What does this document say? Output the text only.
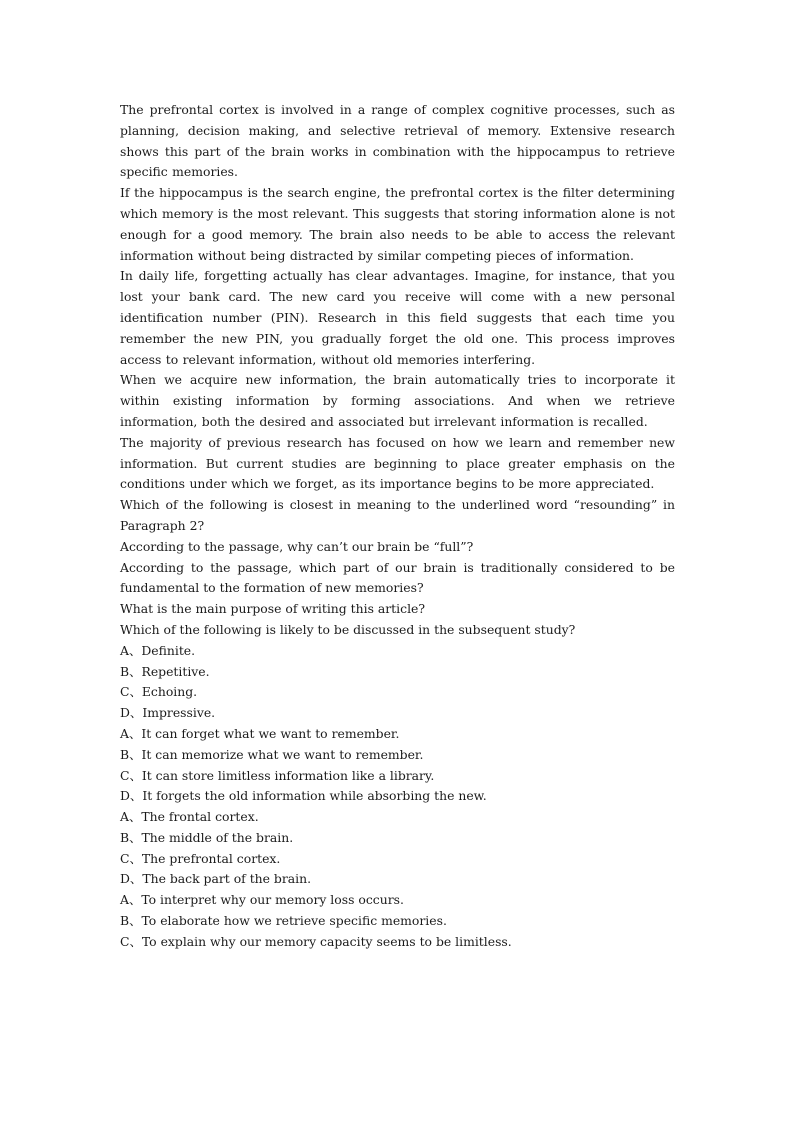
The prefrontal cortex is involved in a range of complex cognitive processes, such as planning, decision making, and selective retrieval of memory. Extensive research shows this part of the brain works in combination with the hippocampus to retrieve specific memories.

If the hippocampus is the search engine, the prefrontal cortex is the filter determining which memory is the most relevant. This suggests that storing information alone is not enough for a good memory. The brain also needs to be able to access the relevant information without being distracted by similar competing pieces of information.

In daily life, forgetting actually has clear advantages. Imagine, for instance, that you lost your bank card. The new card you receive will come with a new personal identification number (PIN). Research in this field suggests that each time you remember the new PIN, you gradually forget the old one. This process improves access to relevant information, without old memories interfering.

When we acquire new information, the brain automatically tries to incorporate it within existing information by forming associations. And when we retrieve information, both the desired and associated but irrelevant information is recalled.

The majority of previous research has focused on how we learn and remember new information. But current studies are beginning to place greater emphasis on the conditions under which we forget, as its importance begins to be more appreciated.

Which of the following is closest in meaning to the underlined word “resounding” in Paragraph 2?

According to the passage, why can’t our brain be “full”?

According to the passage, which part of our brain is traditionally considered to be fundamental to the formation of new memories?

What is the main purpose of writing this article?

Which of the following is likely to be discussed in the subsequent study?

A、Definite.

B、Repetitive.

C、Echoing.

D、Impressive.

A、It can forget what we want to remember.

B、It can memorize what we want to remember.

C、It can store limitless information like a library.

D、It forgets the old information while absorbing the new.

A、The frontal cortex.

B、The middle of the brain.

C、The prefrontal cortex.

D、The back part of the brain.

A、To interpret why our memory loss occurs.

B、To elaborate how we retrieve specific memories.

C、To explain why our memory capacity seems to be limitless.
